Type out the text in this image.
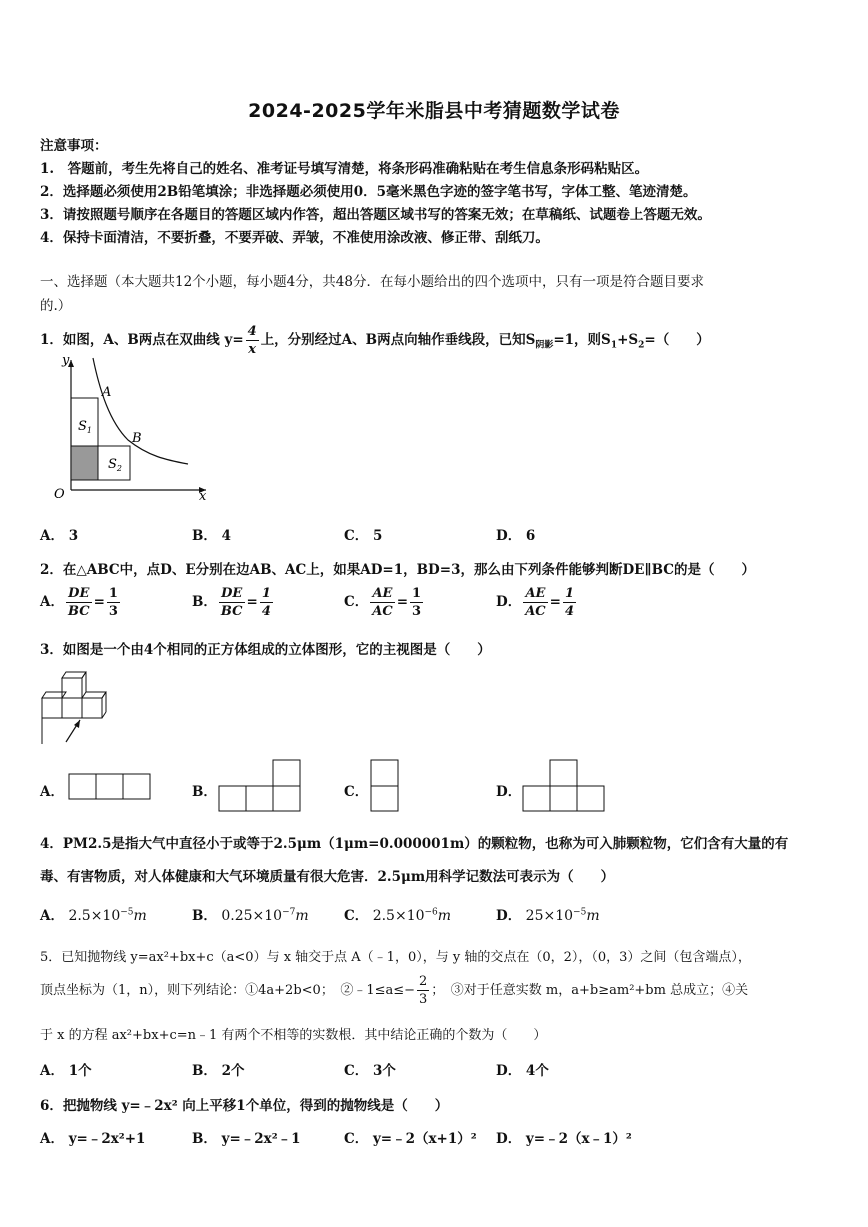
2024-2025学年米脂县中考猜题数学试卷
注意事项：
1.　答题前，考生先将自己的姓名、准考证号填写清楚，将条形码准确粘贴在考生信息条形码粘贴区。
2．选择题必须使用2B铅笔填涂；非选择题必须使用0．5毫米黑色字迹的签字笔书写，字体工整、笔迹清楚。
3．请按照题号顺序在各题目的答题区域内作答，超出答题区域书写的答案无效；在草稿纸、试题卷上答题无效。
4．保持卡面清洁，不要折叠，不要弄破、弄皱，不准使用涂改液、修正带、刮纸刀。
一、选择题（本大题共12个小题，每小题4分，共48分．在每小题给出的四个选项中，只有一项是符合题目要求
的.）
1．如图，A、B两点在双曲线 $y= \frac{4}{x}$ 上，分别经过A、B两点向轴作垂线段，已知$S_{阴影}=1$，则$S_1+S_2=$（　　）
y
x
O
A
B
$S_1$
$S_2$
A． 3	B． 4	C． 5	D． 6
2．在△ABC中，点D、E分别在边AB、AC上，如果AD=1，BD=3，那么由下列条件能够判断DE∥BC的是（　　）
A． $\frac{DE}{BC} = \frac{1}{3}$	B． $\frac{DE}{BC} = \frac{1}{4}$	C． $\frac{AE}{AC} = \frac{1}{3}$	D． $\frac{AE}{AC} = \frac{1}{4}$
3．如图是一个由4个相同的正方体组成的立体图形，它的主视图是（　　）
A．	B．	C．	D．
4．PM2.5是指大气中直径小于或等于2.5μm（1μm=0.000001m）的颗粒物，也称为可入肺颗粒物，它们含有大量的有
毒、有害物质，对人体健康和大气环境质量有很大危害．2.5μm用科学记数法可表示为（　　）
A． $2.5\times 10^{-5}m$	B． $0.25\times 10^{-7}m$	C． $2.5\times 10^{-6}m$	D． $25\times 10^{-5}m$
5．已知抛物线 y=ax²+bx+c（a<0）与 x 轴交于点 A（﹣1，0），与 y 轴的交点在（0，2），（0，3）之间（包含端点），
顶点坐标为（1，n），则下列结论：①4a+2b<0；　②﹣1≤a≤− $\frac{2}{3}$ ；　③对于任意实数 m，a+b≥am²+bm 总成立；④关
于 x 的方程 ax²+bx+c=n﹣1 有两个不相等的实数根．其中结论正确的个数为（　　）
A． 1个	B． 2个	C． 3个	D． 4个
6．把抛物线 y=﹣2x² 向上平移1个单位，得到的抛物线是（　　）
A． y=﹣2x²+1	B． y=﹣2x²﹣1	C． y=﹣2（x+1）² D． y=﹣2（x﹣1）²
